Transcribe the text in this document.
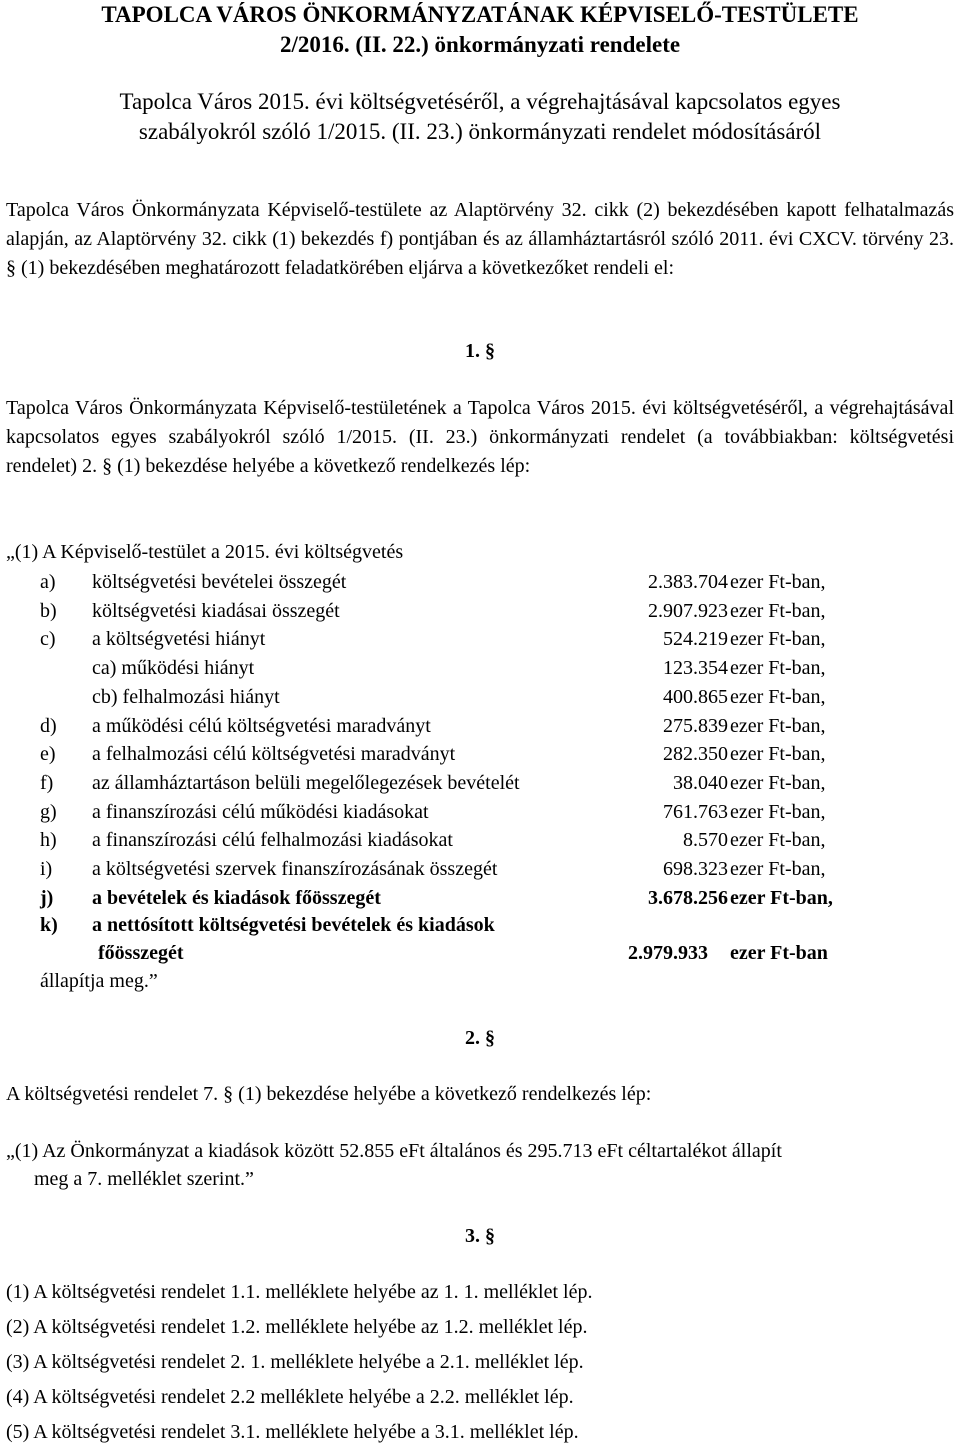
TAPOLCA VÁROS ÖNKORMÁNYZATÁNAK KÉPVISELŐ-TESTÜLETE
2/2016. (II. 22.) önkormányzati rendelete
Tapolca Város 2015. évi költségvetéséről, a végrehajtásával kapcsolatos egyes
szabályokról szóló 1/2015. (II. 23.) önkormányzati rendelet módosításáról
Tapolca Város Önkormányzata Képviselő-testülete az Alaptörvény 32. cikk (2) bekezdésében kapott felhatalmazás alapján, az Alaptörvény 32. cikk (1) bekezdés f) pontjában és az államháztartásról szóló 2011. évi CXCV. törvény 23. § (1) bekezdésében meghatározott feladatkörében eljárva a következőket rendeli el:
1. §
Tapolca Város Önkormányzata Képviselő-testületének a Tapolca Város 2015. évi költségvetéséről, a végrehajtásával kapcsolatos egyes szabályokról szóló 1/2015. (II. 23.) önkormányzati rendelet (a továbbiakban: költségvetési rendelet) 2. § (1) bekezdése helyébe a következő rendelkezés lép:
„(1) A Képviselő-testület a 2015. évi költségvetés
a) költségvetési bevételei összegét	2.383.704 ezer Ft-ban,
b) költségvetési kiadásai összegét	2.907.923 ezer Ft-ban,
c) a költségvetési hiányt	524.219 ezer Ft-ban,
ca) működési hiányt	123.354 ezer Ft-ban,
cb) felhalmozási hiányt	400.865 ezer Ft-ban,
d) a működési célú költségvetési maradványt	275.839 ezer Ft-ban,
e) a felhalmozási célú költségvetési maradványt	282.350 ezer Ft-ban,
f) az államháztartáson belüli megelőlegezések bevételét	38.040 ezer Ft-ban,
g) a finanszírozási célú működési kiadásokat	761.763 ezer Ft-ban,
h) a finanszírozási célú felhalmozási kiadásokat	8.570 ezer Ft-ban,
i) a költségvetési szervek finanszírozásának összegét	698.323 ezer Ft-ban,
j) a bevételek és kiadások főösszegét	3.678.256 ezer Ft-ban,
k) a nettósított költségvetési bevételek és kiadások
főösszegét	2.979.933 ezer Ft-ban
állapítja meg.”
2. §
A költségvetési rendelet 7. § (1) bekezdése helyébe a következő rendelkezés lép:
„(1) Az Önkormányzat a kiadások között 52.855 eFt általános és 295.713 eFt céltartalékot állapít
meg a 7. melléklet szerint.”
3. §
(1) A költségvetési rendelet 1.1. melléklete helyébe az 1. 1. melléklet lép.
(2) A költségvetési rendelet 1.2. melléklete helyébe az 1.2. melléklet lép.
(3) A költségvetési rendelet 2. 1. melléklete helyébe a 2.1. melléklet lép.
(4) A költségvetési rendelet 2.2 melléklete helyébe a 2.2. melléklet lép.
(5) A költségvetési rendelet 3.1. melléklete helyébe a 3.1. melléklet lép.
